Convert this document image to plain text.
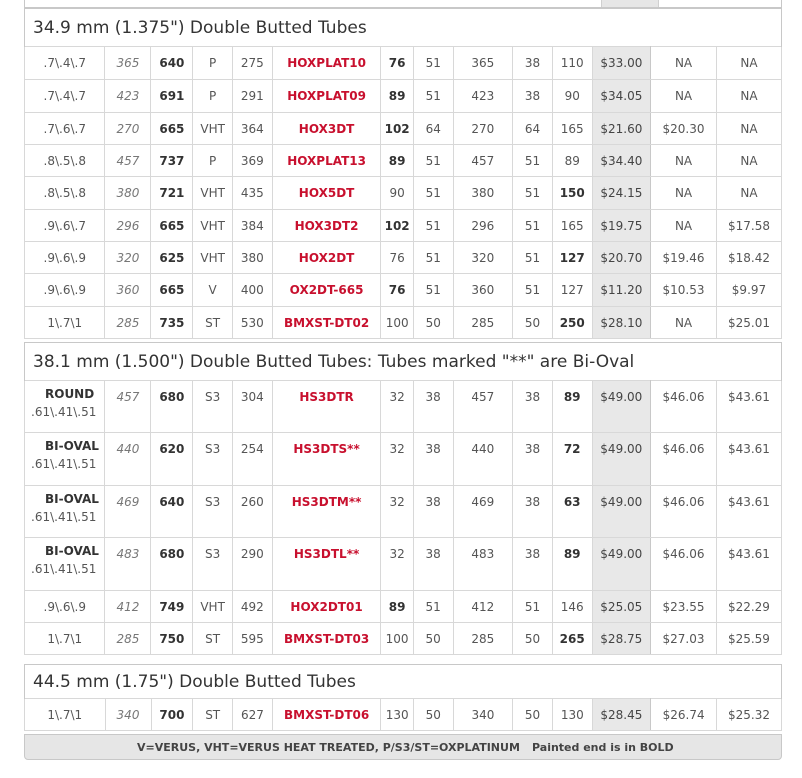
34.9 mm (1.375") Double Butted Tubes													
.7\.4\.7	365	640	P	275	HOXPLAT10	76	51	365	38	110	$33.00	NA	NA
.7\.4\.7	423	691	P	291	HOXPLAT09	89	51	423	38	90	$34.05	NA	NA
.7\.6\.7	270	665	VHT	364	HOX3DT	102	64	270	64	165	$21.60	$20.30	NA
.8\.5\.8	457	737	P	369	HOXPLAT13	89	51	457	51	89	$34.40	NA	NA
.8\.5\.8	380	721	VHT	435	HOX5DT	90	51	380	51	150	$24.15	NA	NA
.9\.6\.7	296	665	VHT	384	HOX3DT2	102	51	296	51	165	$19.75	NA	$17.58
.9\.6\.9	320	625	VHT	380	HOX2DT	76	51	320	51	127	$20.70	$19.46	$18.42
.9\.6\.9	360	665	V	400	OX2DT-665	76	51	360	51	127	$11.20	$10.53	$9.97
1\.7\1	285	735	ST	530	BMXST-DT02	100	50	285	50	250	$28.10	NA	$25.01
38.1 mm (1.500") Double Butted Tubes: Tubes marked "**" are Bi-Oval													

ROUND
.61\.41\.51	457	680	S3	304	HS3DTR	32	38	457	38	89	$49.00	$46.06	$43.61

BI-OVAL
.61\.41\.51	440	620	S3	254	HS3DTS**	32	38	440	38	72	$49.00	$46.06	$43.61

BI-OVAL
.61\.41\.51	469	640	S3	260	HS3DTM**	32	38	469	38	63	$49.00	$46.06	$43.61

BI-OVAL
.61\.41\.51	483	680	S3	290	HS3DTL**	32	38	483	38	89	$49.00	$46.06	$43.61
.9\.6\.9	412	749	VHT	492	HOX2DT01	89	51	412	51	146	$25.05	$23.55	$22.29
1\.7\1	285	750	ST	595	BMXST-DT03	100	50	285	50	265	$28.75	$27.03	$25.59
44.5 mm (1.75") Double Butted Tubes
1\.7\1	340	700	ST	627	BMXST-DT06	130	50	340	50	130	$28.45	$26.74	$25.32
V=VERUS, VHT=VERUS HEAT TREATED, P/S3/ST=OXPLATINUM Painted end is in BOLD
